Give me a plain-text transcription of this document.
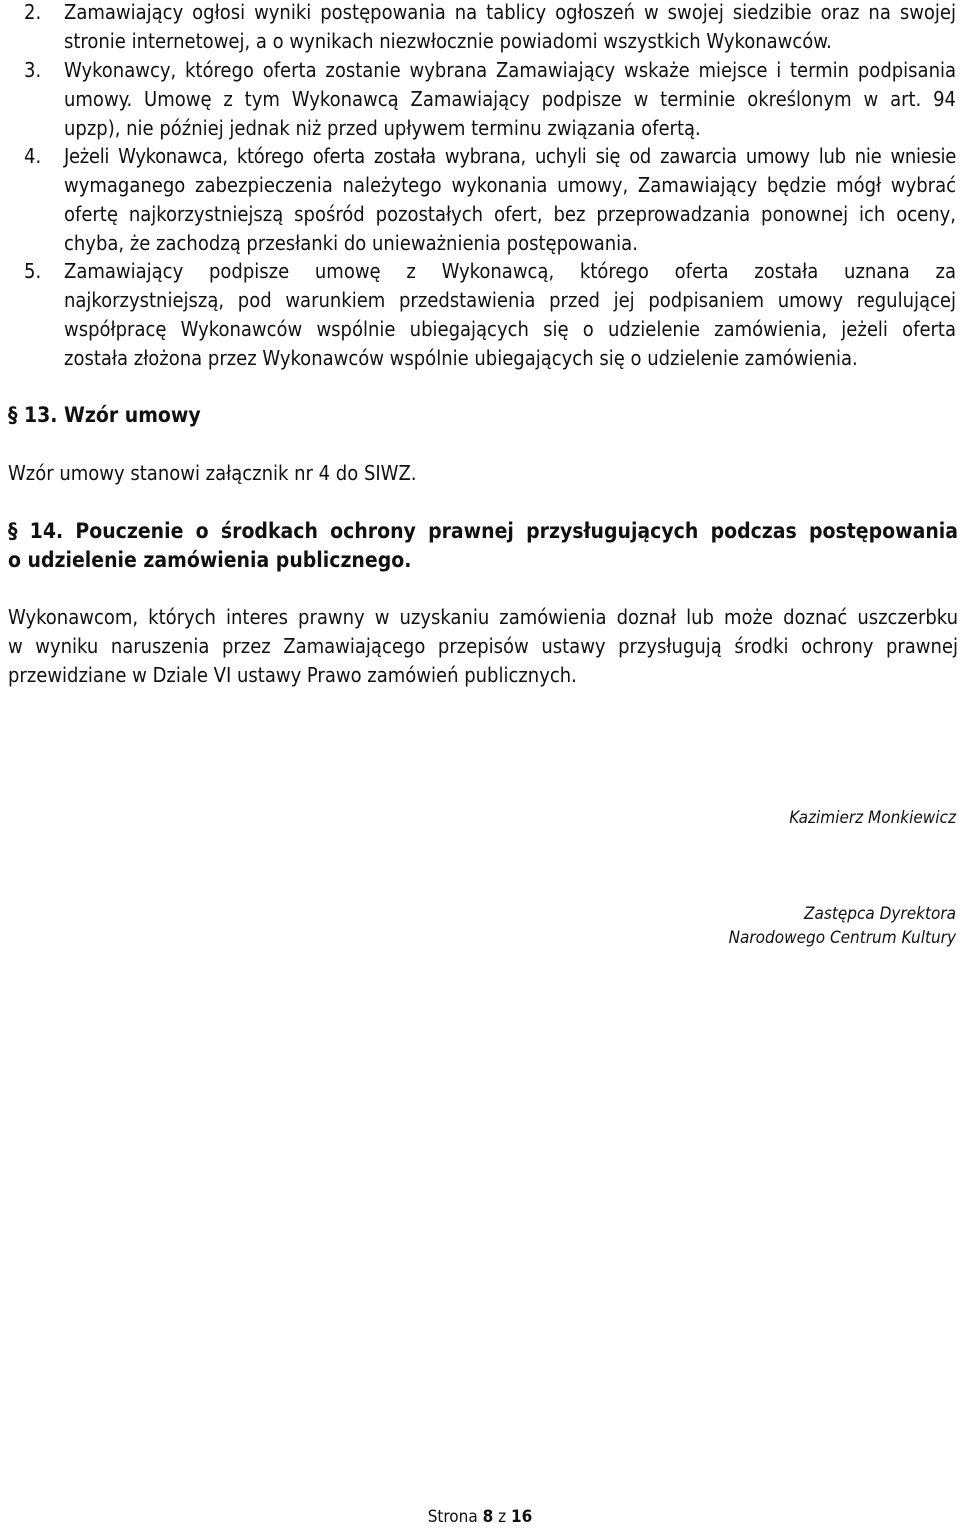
2.	Zamawiający ogłosi wyniki postępowania na tablicy ogłoszeń w swojej siedzibie oraz na swojej
stronie internetowej, a o wynikach niezwłocznie powiadomi wszystkich Wykonawców.
3.	Wykonawcy, którego oferta zostanie wybrana Zamawiający wskaże miejsce i termin podpisania
umowy. Umowę z tym Wykonawcą Zamawiający podpisze w terminie określonym w art. 94
upzp), nie później jednak niż przed upływem terminu związania ofertą.
4.	Jeżeli Wykonawca, którego oferta została wybrana, uchyli się od zawarcia umowy lub nie wniesie
wymaganego zabezpieczenia należytego wykonania umowy, Zamawiający będzie mógł wybrać
ofertę najkorzystniejszą spośród pozostałych ofert, bez przeprowadzania ponownej ich oceny,
chyba, że zachodzą przesłanki do unieważnienia postępowania.
5.	Zamawiający podpisze umowę z Wykonawcą, którego oferta została uznana za
najkorzystniejszą, pod warunkiem przedstawienia przed jej podpisaniem umowy regulującej
współpracę Wykonawców wspólnie ubiegających się o udzielenie zamówienia, jeżeli oferta
została złożona przez Wykonawców wspólnie ubiegających się o udzielenie zamówienia.
§ 13. Wzór umowy
Wzór umowy stanowi załącznik nr 4 do SIWZ.
§ 14. Pouczenie o środkach ochrony prawnej przysługujących podczas postępowania
o udzielenie zamówienia publicznego.
Wykonawcom, których interes prawny w uzyskaniu zamówienia doznał lub może doznać uszczerbku
w wyniku naruszenia przez Zamawiającego przepisów ustawy przysługują środki ochrony prawnej
przewidziane w Dziale VI ustawy Prawo zamówień publicznych.
Kazimierz Monkiewicz
Zastępca Dyrektora
Narodowego Centrum Kultury
Strona 8 z 16
